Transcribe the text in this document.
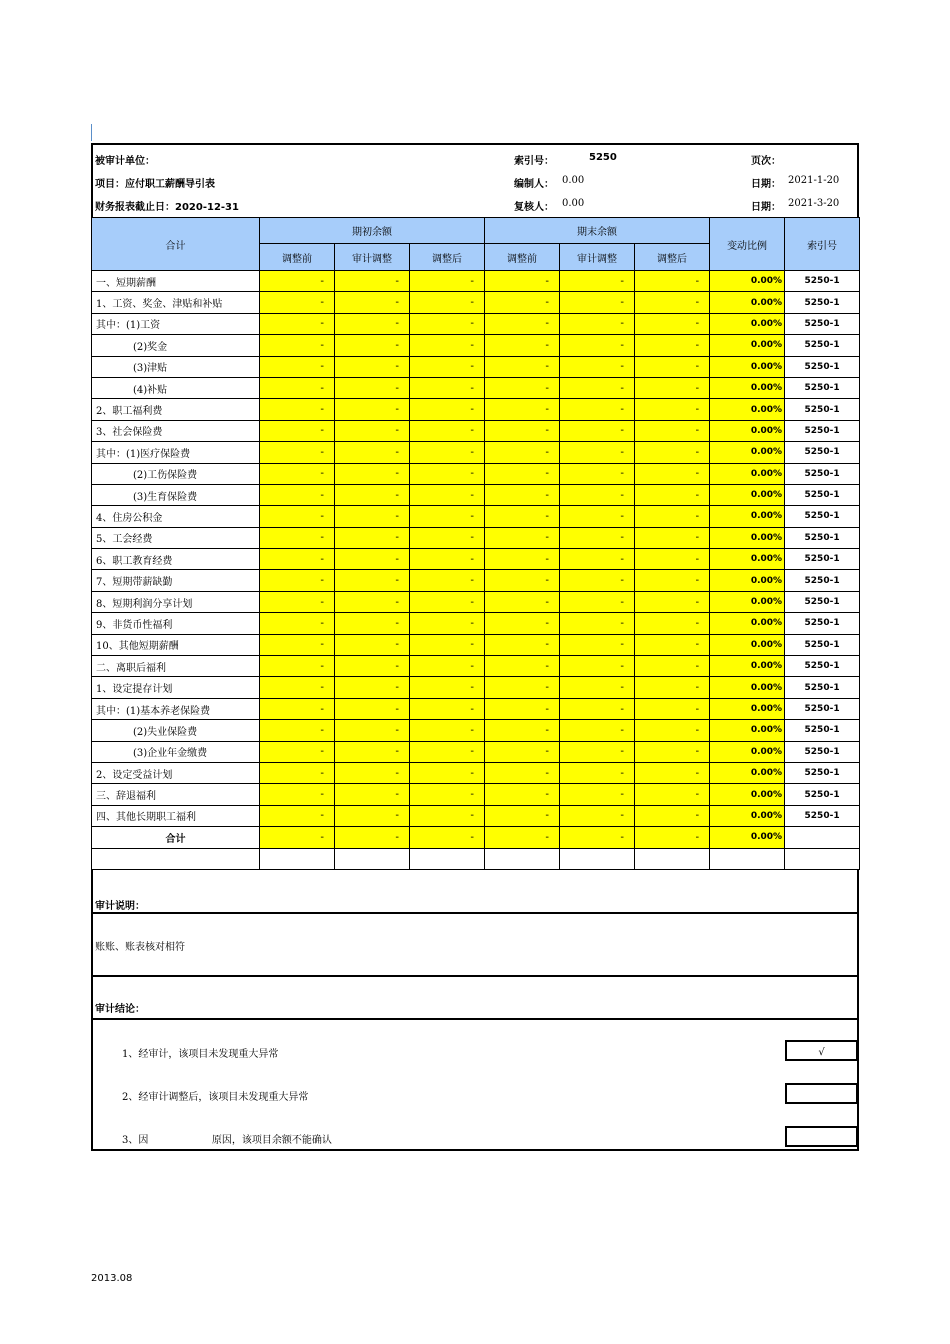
被审计单位：	索引号：	5250	页次：
项目：应付职工薪酬导引表	编制人： 0.00	日期： 2021-1-20
财务报表截止日：2020-12-31	复核人： 0.00	日期： 2021-3-20
合计	期初余额			期末余额			变动比例	索引号
	调整前	审计调整	调整后	调整前	审计调整	调整后		
一、短期薪酬	-	-	-	-	-	-	0.00%	5250-1
1、工资、奖金、津贴和补贴	-	-	-	-	-	-	0.00%	5250-1
其中：(1)工资	-	-	-	-	-	-	0.00%	5250-1
(2)奖金	-	-	-	-	-	-	0.00%	5250-1
(3)津贴	-	-	-	-	-	-	0.00%	5250-1
(4)补贴	-	-	-	-	-	-	0.00%	5250-1
2、职工福利费	-	-	-	-	-	-	0.00%	5250-1
3、社会保险费	-	-	-	-	-	-	0.00%	5250-1
其中：(1)医疗保险费	-	-	-	-	-	-	0.00%	5250-1
(2)工伤保险费	-	-	-	-	-	-	0.00%	5250-1
(3)生育保险费	-	-	-	-	-	-	0.00%	5250-1
4、住房公积金	-	-	-	-	-	-	0.00%	5250-1
5、工会经费	-	-	-	-	-	-	0.00%	5250-1
6、职工教育经费	-	-	-	-	-	-	0.00%	5250-1
7、短期带薪缺勤	-	-	-	-	-	-	0.00%	5250-1
8、短期利润分享计划	-	-	-	-	-	-	0.00%	5250-1
9、非货币性福利	-	-	-	-	-	-	0.00%	5250-1
10、其他短期薪酬	-	-	-	-	-	-	0.00%	5250-1
二、离职后福利	-	-	-	-	-	-	0.00%	5250-1
1、设定提存计划	-	-	-	-	-	-	0.00%	5250-1
其中：(1)基本养老保险费	-	-	-	-	-	-	0.00%	5250-1
(2)失业保险费	-	-	-	-	-	-	0.00%	5250-1
(3)企业年金缴费	-	-	-	-	-	-	0.00%	5250-1
2、设定受益计划	-	-	-	-	-	-	0.00%	5250-1
三、辞退福利	-	-	-	-	-	-	0.00%	5250-1
四、其他长期职工福利	-	-	-	-	-	-	0.00%	5250-1
合计	-	-	-	-	-	-	0.00%	

审计说明：
账账、账表核对相符
审计结论：
1、经审计，该项目未发现重大异常	√
2、经审计调整后，该项目未发现重大异常
3、因                    原因，该项目余额不能确认
2013.08
